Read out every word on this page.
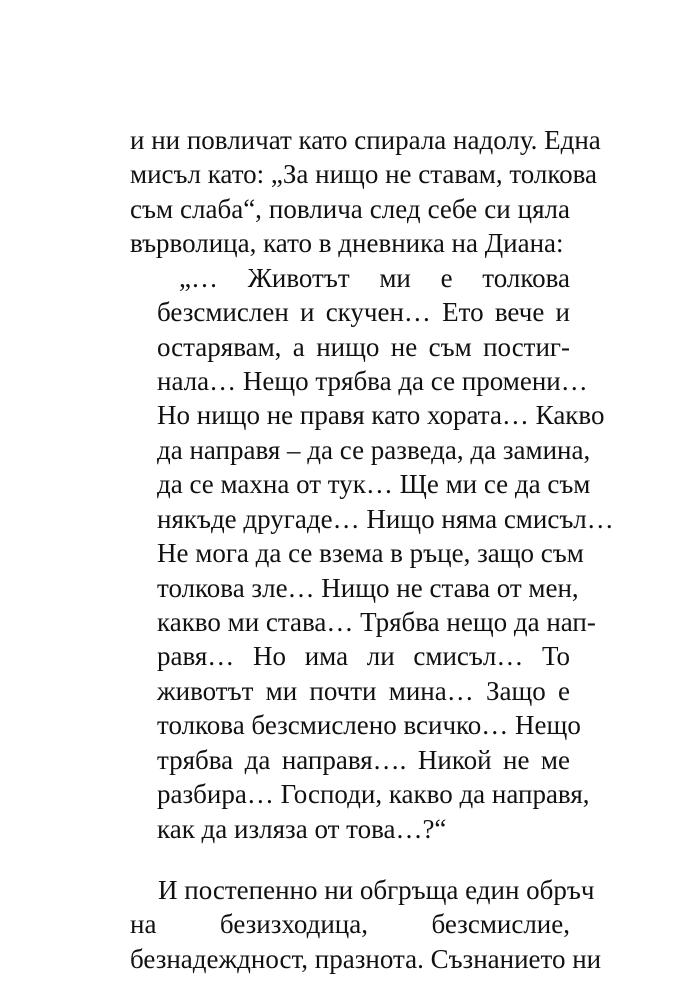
и ни повличат като спирала надолу. Една

мисъл като: „За нищо не ставам, толкова

съм слаба“, повлича след себе си цяла

върволица, като в дневника на Диана:

„… Животът ми е толкова

безсмислен и скучен… Ето вече и

остарявам, а нищо не съм постиг-

нала… Нещо трябва да се промени…

Но нищо не правя като хората… Какво

да направя – да се разведа, да замина,

да се махна от тук… Ще ми се да съм

някъде другаде… Нищо няма смисъл…

Не мога да се взема в ръце, защо съм

толкова зле… Нищо не става от мен,

какво ми става… Трябва нещо да нап-

равя… Но има ли смисъл… То

животът ми почти мина… Защо е

толкова безсмислено всичко… Нещо

трябва да направя…. Никой не ме

разбира… Господи, какво да направя,

как да изляза от това…?“

И постепенно ни обгръща един обръч

на безизходица, безсмислие,

безнадеждност, празнота. Съзнанието ни
